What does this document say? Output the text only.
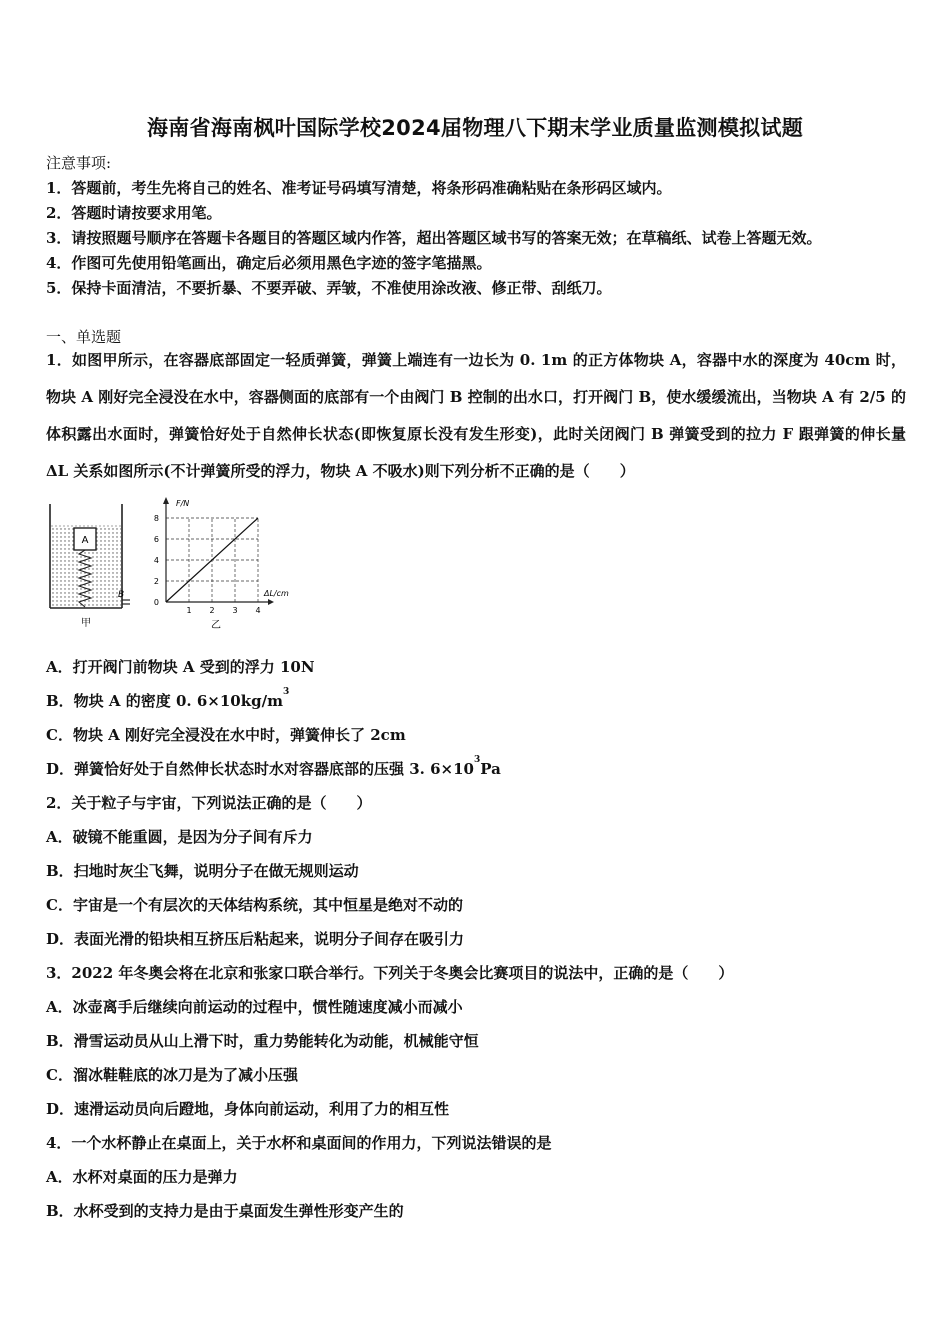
海南省海南枫叶国际学校2024届物理八下期末学业质量监测模拟试题
注意事项:
1．答题前，考生先将自己的姓名、准考证号码填写清楚，将条形码准确粘贴在条形码区域内。
2．答题时请按要求用笔。
3．请按照题号顺序在答题卡各题目的答题区域内作答，超出答题区域书写的答案无效；在草稿纸、试卷上答题无效。
4．作图可先使用铅笔画出，确定后必须用黑色字迹的签字笔描黑。
5．保持卡面清洁，不要折暴、不要弄破、弄皱，不准使用涂改液、修正带、刮纸刀。
一、单选题
1．如图甲所示，在容器底部固定一轻质弹簧，弹簧上端连有一边长为 0. 1m 的正方体物块 A，容器中水的深度为 40cm 时，物块 A 刚好完全浸没在水中，容器侧面的底部有一个由阀门 B 控制的出水口，打开阀门 B，使水缓缓流出，当物块 A 有 2/5 的体积露出水面时，弹簧恰好处于自然伸长状态(即恢复原长没有发生形变)，此时关闭阀门 B 弹簧受到的拉力 F 跟弹簧的伸长量 ΔL 关系如图所示(不计弹簧所受的浮力，物块 A 不吸水)则下列分析不正确的是（　　）
A
B
甲
F/N
ΔL/cm
0
2
4
6
8
1 2 3 4
乙
A．打开阀门前物块 A 受到的浮力 10N
B．物块 A 的密度 0. $6\times 10kg/m^3$
C．物块 A 刚好完全浸没在水中时，弹簧伸长了 2cm
D．弹簧恰好处于自然伸长状态时水对容器底部的压强 3. $6\times 10^3Pa$
2．关于粒子与宇宙，下列说法正确的是（　　）
A．破镜不能重圆，是因为分子间有斥力
B．扫地时灰尘飞舞，说明分子在做无规则运动
C．宇宙是一个有层次的天体结构系统，其中恒星是绝对不动的
D．表面光滑的铅块相互挤压后粘起来，说明分子间存在吸引力
3．2022 年冬奥会将在北京和张家口联合举行。下列关于冬奥会比赛项目的说法中，正确的是（　　）
A．冰壶离手后继续向前运动的过程中，惯性随速度减小而减小
B．滑雪运动员从山上滑下时，重力势能转化为动能，机械能守恒
C．溜冰鞋鞋底的冰刀是为了减小压强
D．速滑运动员向后蹬地，身体向前运动，利用了力的相互性
4．一个水杯静止在桌面上，关于水杯和桌面间的作用力，下列说法错误的是
A．水杯对桌面的压力是弹力
B．水杯受到的支持力是由于桌面发生弹性形变产生的
